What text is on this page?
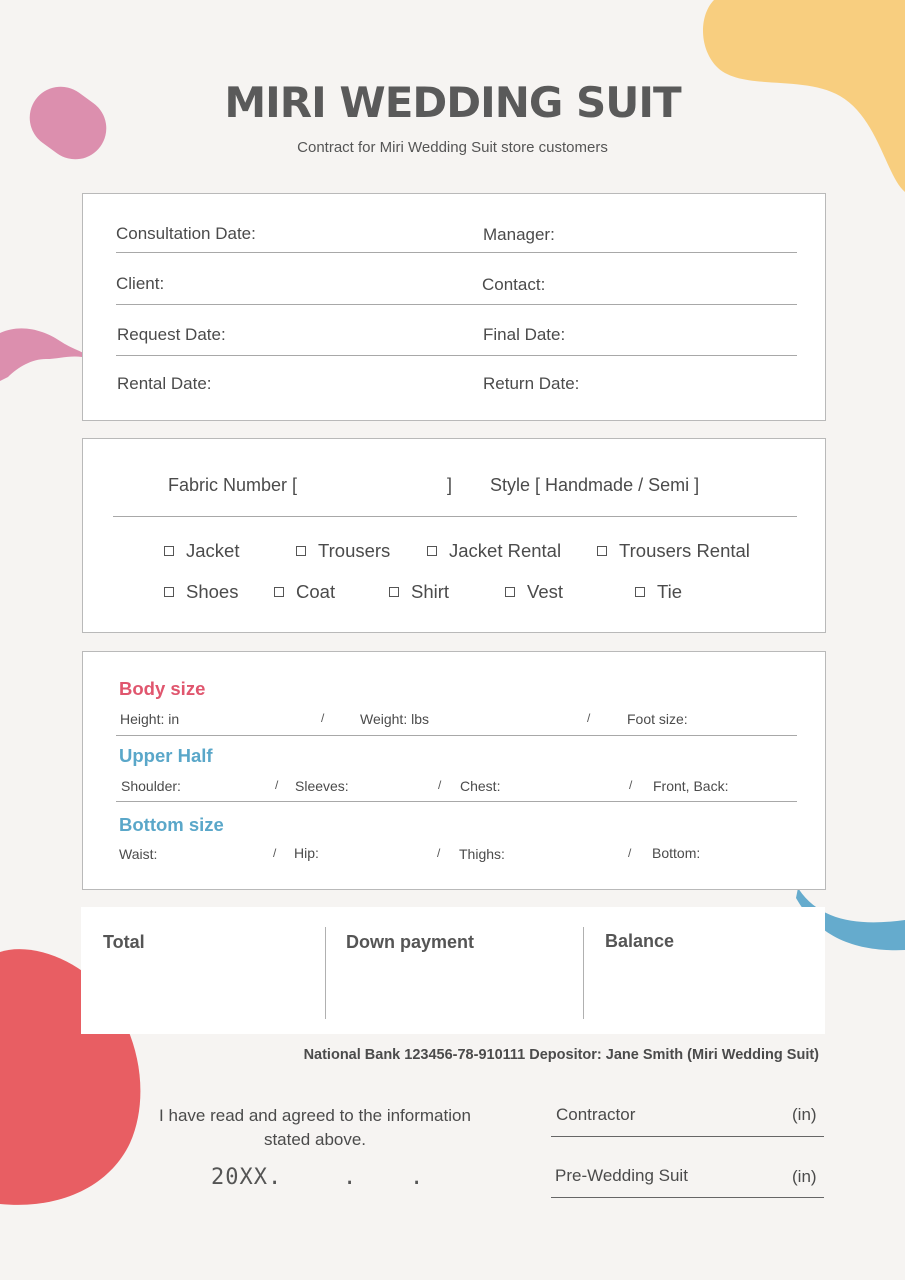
MIRI WEDDING SUIT
Contract for Miri Wedding Suit store customers
Consultation Date:	Manager:
Client:	Contact:
Request Date:	Final Date:
Rental Date:	Return Date:
Fabric Number [	] Style [ Handmade / Semi ]
Jacket	Trousers	Jacket Rental	Trousers Rental
Shoes	Coat	Shirt	Vest	Tie
Body size
Height: in	/	Weight: lbs	/	Foot size:
Upper Half
Shoulder:	/ Sleeves:	/ Chest:	/ Front, Back:
Bottom size
Waist:	/ Hip:	/ Thighs:	/ Bottom:
Total	Down payment	Balance
National Bank 123456-78-910111 Depositor: Jane Smith (Miri Wedding Suit)
I have read and agreed to the information
stated above.
20XX.	. .
Contractor	(in)
Pre-Wedding Suit	(in)
